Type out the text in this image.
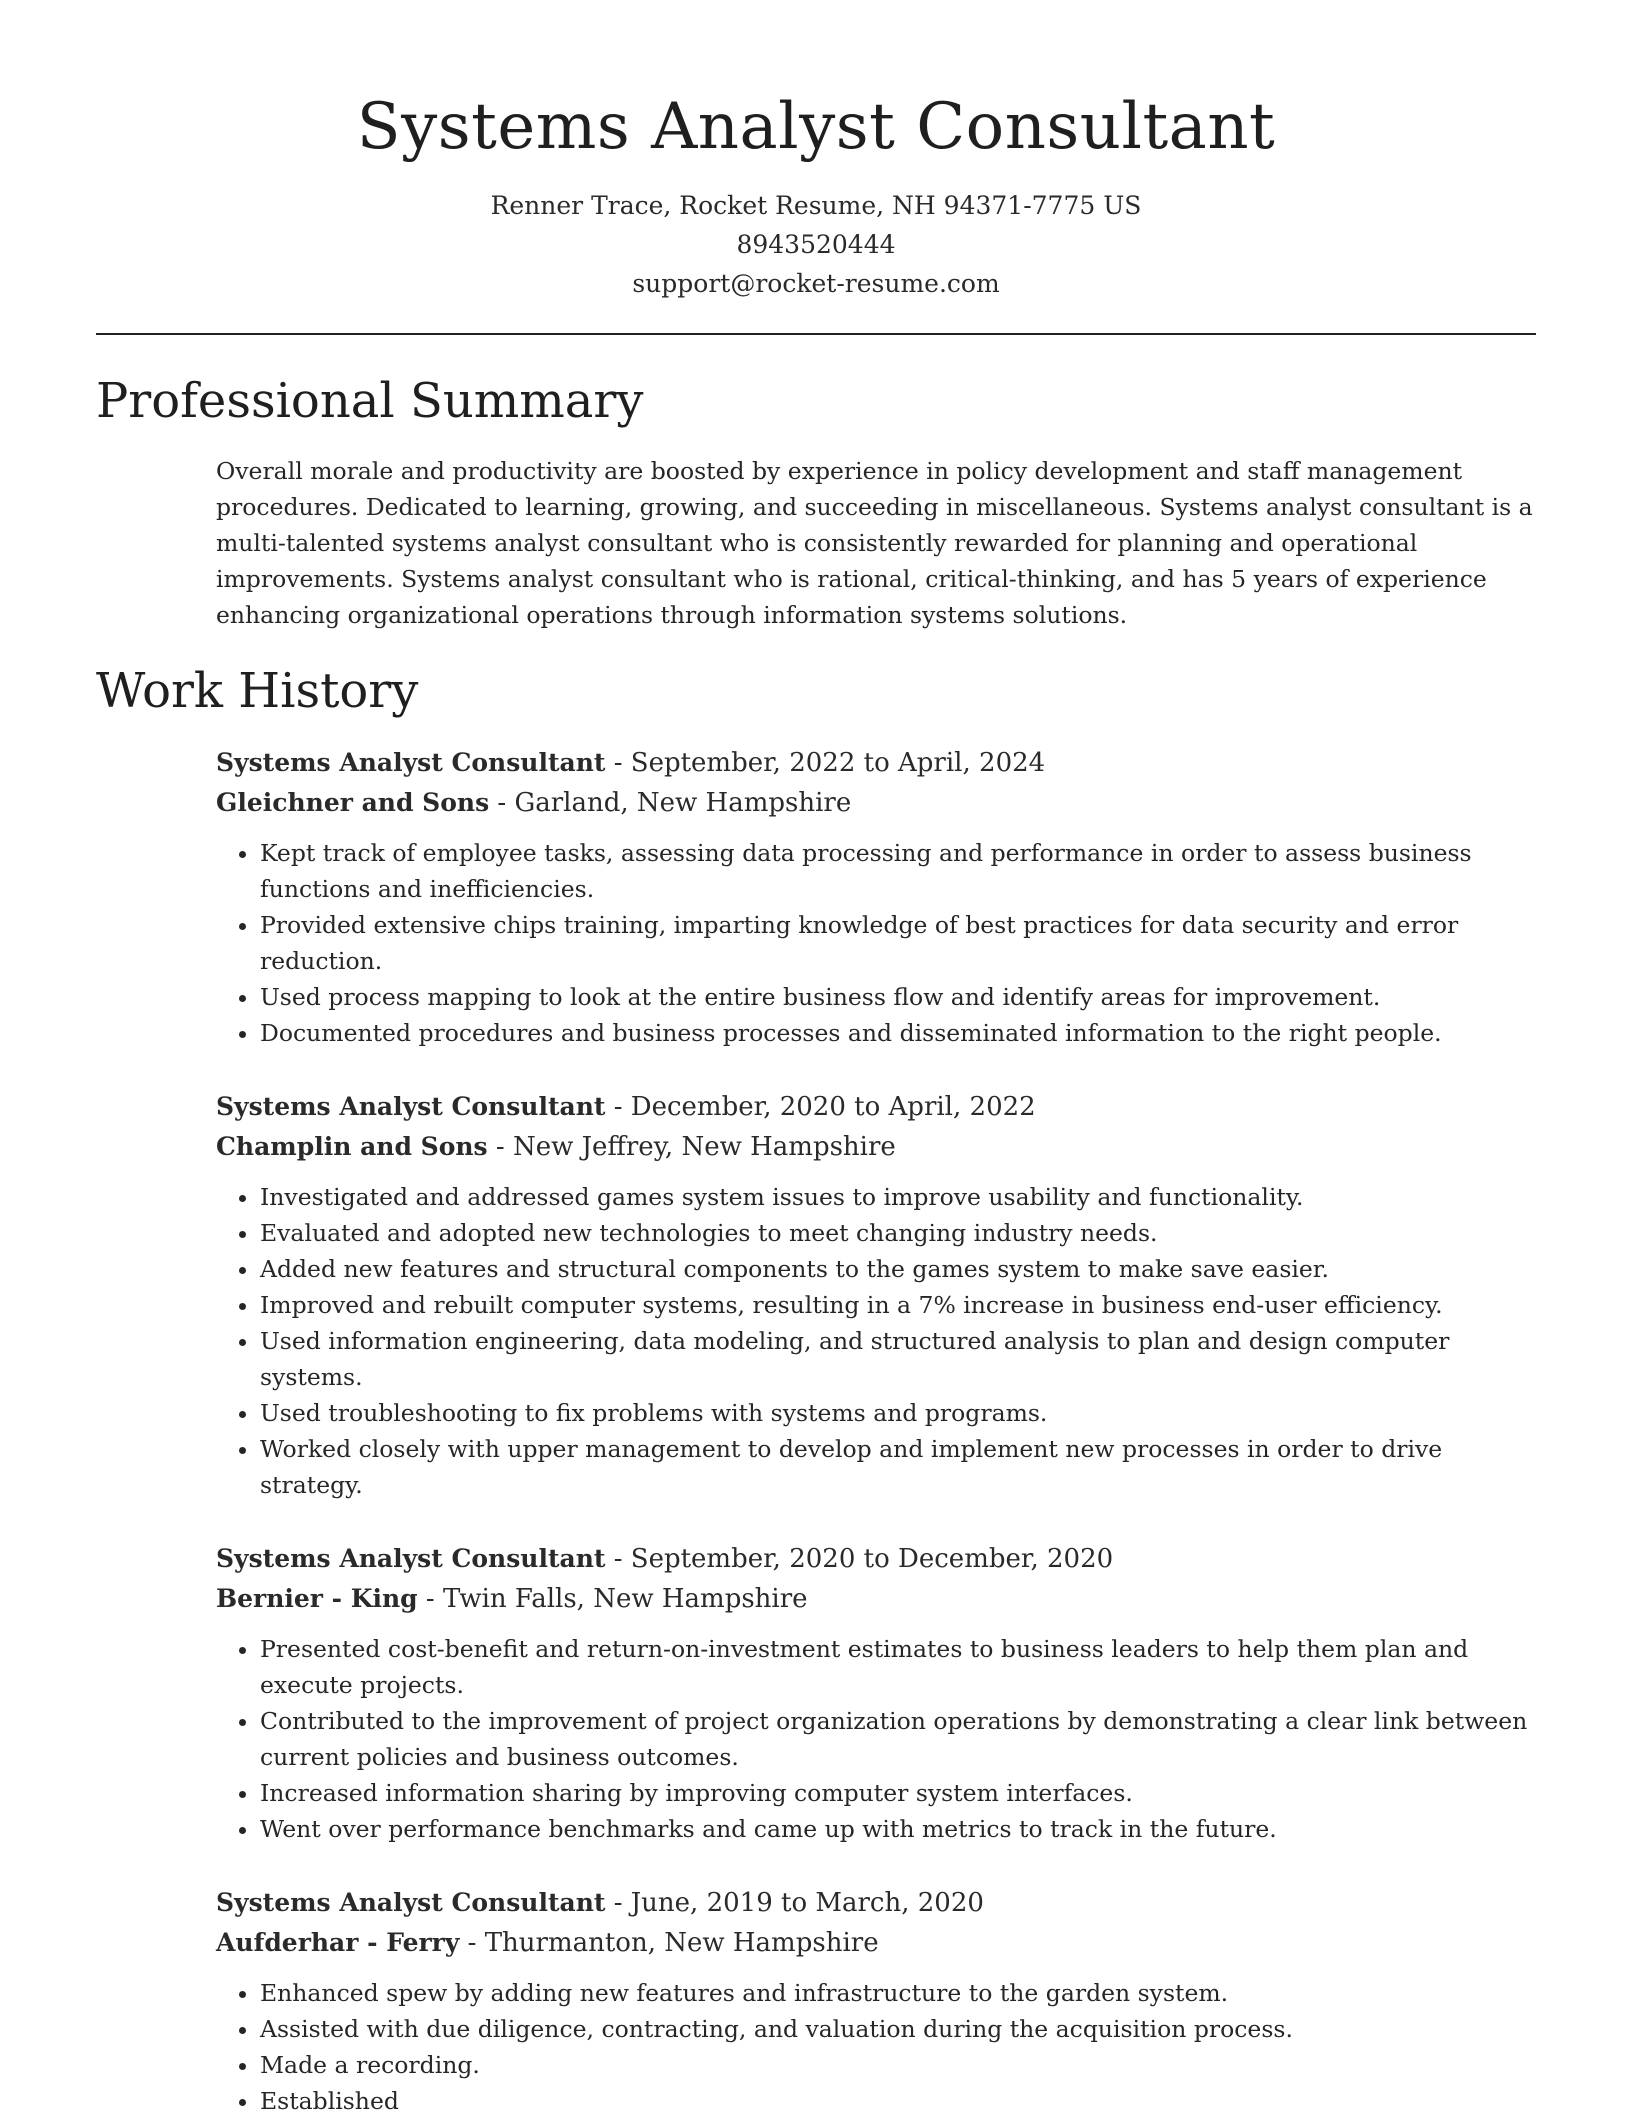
Systems Analyst Consultant
Renner Trace, Rocket Resume, NH 94371-7775 US
8943520444
support@rocket-resume.com
Professional Summary

Overall morale and productivity are boosted by experience in policy development and staff management procedures. Dedicated to learning, growing, and succeeding in miscellaneous. Systems analyst consultant is a multi-talented systems analyst consultant who is consistently rewarded for planning and operational improvements. Systems analyst consultant who is rational, critical-thinking, and has 5 years of experience enhancing organizational operations through information systems solutions.

Work History
Systems Analyst Consultant - September, 2022 to April, 2024
Gleichner and Sons - Garland, New Hampshire
• Kept track of employee tasks, assessing data processing and performance in order to assess business functions and inefficiencies.
• Provided extensive chips training, imparting knowledge of best practices for data security and error reduction.
• Used process mapping to look at the entire business flow and identify areas for improvement.
• Documented procedures and business processes and disseminated information to the right people.
Systems Analyst Consultant - December, 2020 to April, 2022
Champlin and Sons - New Jeffrey, New Hampshire
• Investigated and addressed games system issues to improve usability and functionality.
• Evaluated and adopted new technologies to meet changing industry needs.
• Added new features and structural components to the games system to make save easier.
• Improved and rebuilt computer systems, resulting in a 7% increase in business end-user efficiency.
• Used information engineering, data modeling, and structured analysis to plan and design computer systems.
• Used troubleshooting to fix problems with systems and programs.
• Worked closely with upper management to develop and implement new processes in order to drive strategy.
Systems Analyst Consultant - September, 2020 to December, 2020
Bernier - King - Twin Falls, New Hampshire
• Presented cost-benefit and return-on-investment estimates to business leaders to help them plan and execute projects.
• Contributed to the improvement of project organization operations by demonstrating a clear link between current policies and business outcomes.
• Increased information sharing by improving computer system interfaces.
• Went over performance benchmarks and came up with metrics to track in the future.
Systems Analyst Consultant - June, 2019 to March, 2020
Aufderhar - Ferry - Thurmanton, New Hampshire
• Enhanced spew by adding new features and infrastructure to the garden system.
• Assisted with due diligence, contracting, and valuation during the acquisition process.
• Made a recording.
• Established
